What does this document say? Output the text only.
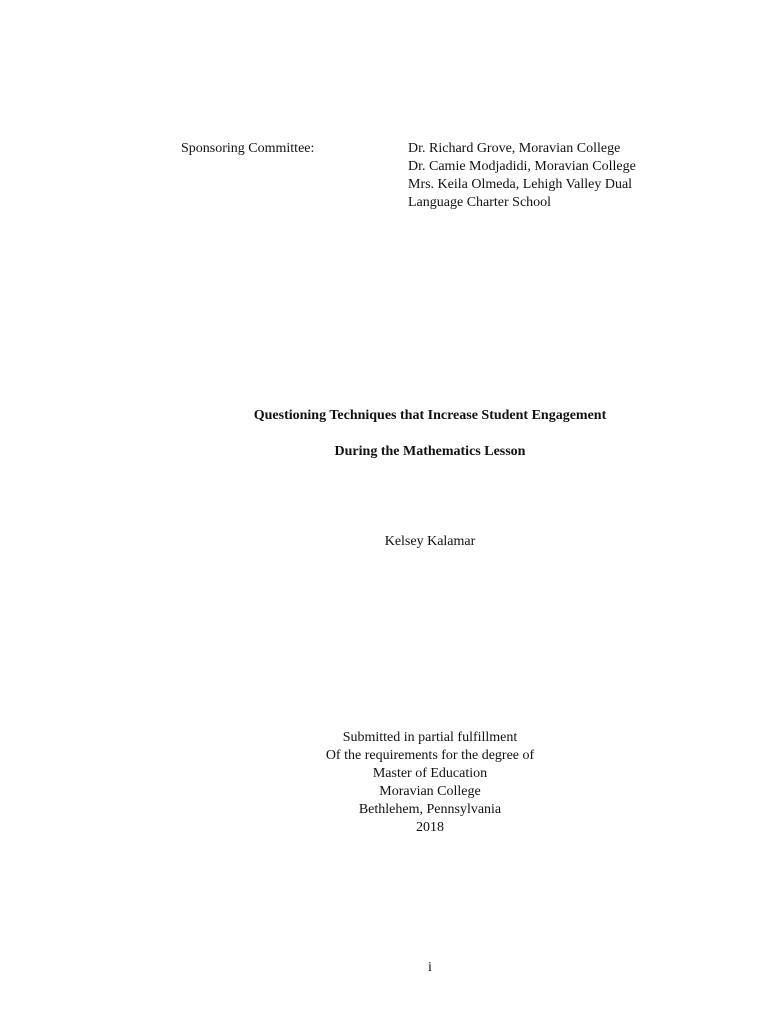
Sponsoring Committee:	Dr. Richard Grove, Moravian College
Dr. Camie Modjadidi, Moravian College
Mrs. Keila Olmeda, Lehigh Valley Dual
Language Charter School
Questioning Techniques that Increase Student Engagement
During the Mathematics Lesson
Kelsey Kalamar
Submitted in partial fulfillment
Of the requirements for the degree of
Master of Education
Moravian College
Bethlehem, Pennsylvania
2018
i
